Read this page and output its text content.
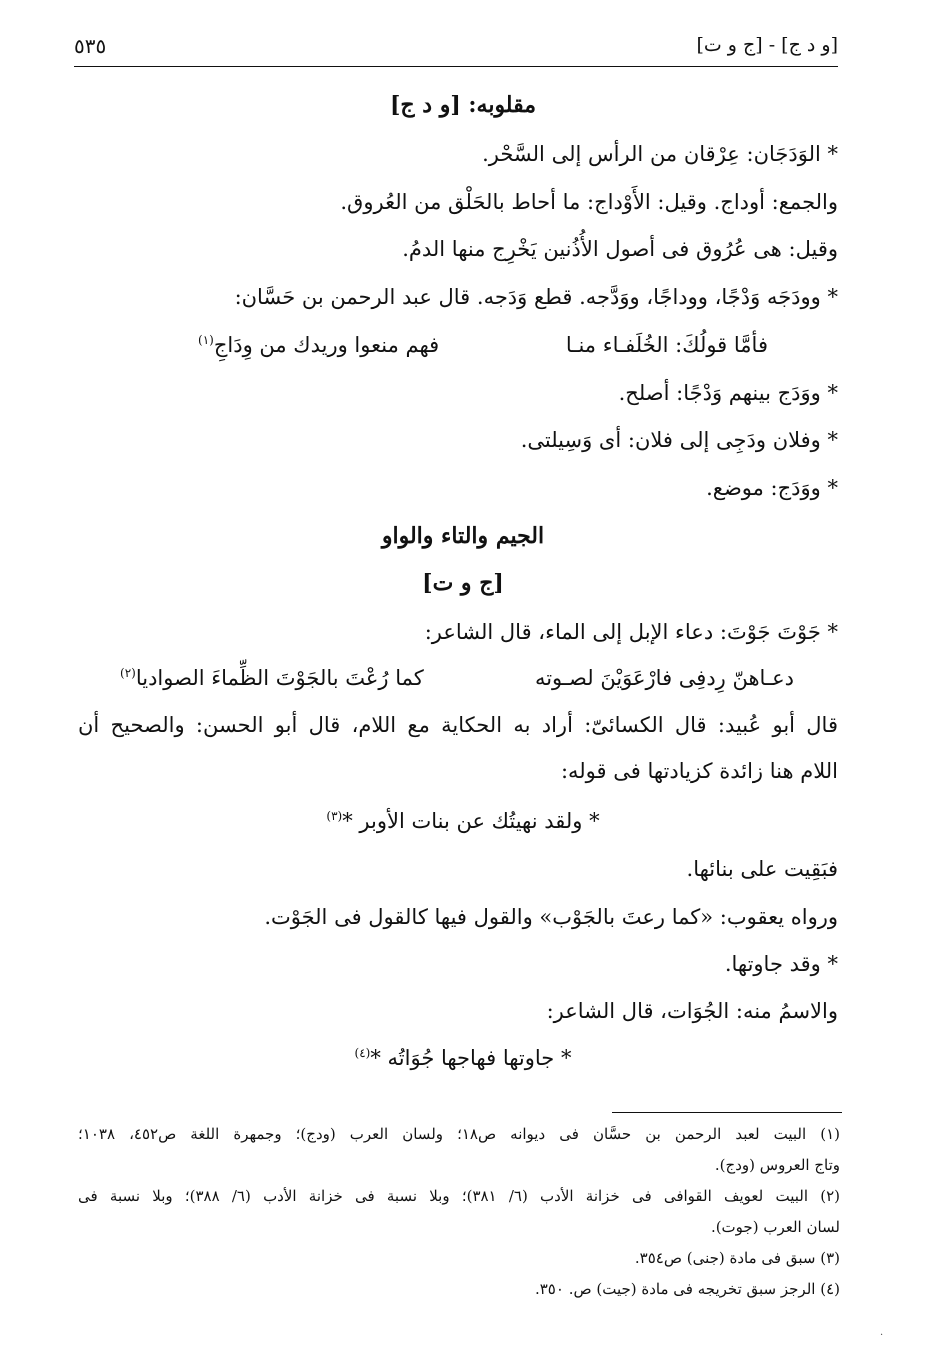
[و د ج] - [ج و ت]
٥٣٥
مقلوبه: [و د ج]
* الوَدَجَان: عِرْقان من الرأس إلى السَّحْر.
والجمع: أوداج. وقيل: الأَوْداج: ما أحاط بالحَلْق من العُروق.
وقيل: هى عُرُوق فى أصول الأُذُنين يَخْرِج منها الدمُ.
* وودَجَه وَدْجًا، ووداجًا، ووَدَّجه. قطع وَدَجه. قال عبد الرحمن بن حَسَّان:
فأمَّا قولُكَ: الخُلَفـاء منـا
فهم منعوا وريدك من وِدَاجِ$^{(١)}$
* ووَدَج بينهم وَدْجًا: أصلح.
* وفلان ودَجِى إلى فلان: أى وَسِيلتى.
* ووَدَج: موضع.
الجيم والتاء والواو
[ج و ت]
* جَوْتَ جَوْتَ: دعاء الإبل إلى الماء، قال الشاعر:
دعـاهنّ رِدفِى فارْعَوَيْنَ لصـوته
كما رُعْتَ بالجَوْتَ الظِّماءَ الصواديا$^{(٢)}$
قال أبو عُبيد: قال الكسائىّ: أراد به الحكاية مع اللام، قال أبو الحسن: والصحيح أن
اللام هنا زائدة كزيادتها فى قوله:
* ولقد نهيتُك عن بنات الأوبر *$^{(٣)}$
فبَقِيت على بنائها.
ورواه يعقوب: «كما رعتَ بالجَوْب» والقول فيها كالقول فى الجَوْت.
* وقد جاوتها.
والاسمُ منه: الجُوَات، قال الشاعر:
* جاوتها فهاجها جُوَاتُه *$^{(٤)}$
(١) البيت لعبد الرحمن بن حسَّان فى ديوانه ص١٨؛ ولسان العرب (ودج)؛ وجمهرة اللغة ص٤٥٢، ١٠٣٨؛
وتاج العروس (ودج).
(٢) البيت لعويف القوافى فى خزانة الأدب (٦/ ٣٨١)؛ وبلا نسبة فى خزانة الأدب (٦/ ٣٨٨)؛ وبلا نسبة فى
لسان العرب (جوت).
(٣) سبق فى مادة (جنى) ص٣٥٤.
(٤) الرجز سبق تخريجه فى مادة (جيت) ص. ٣٥٠.
·
